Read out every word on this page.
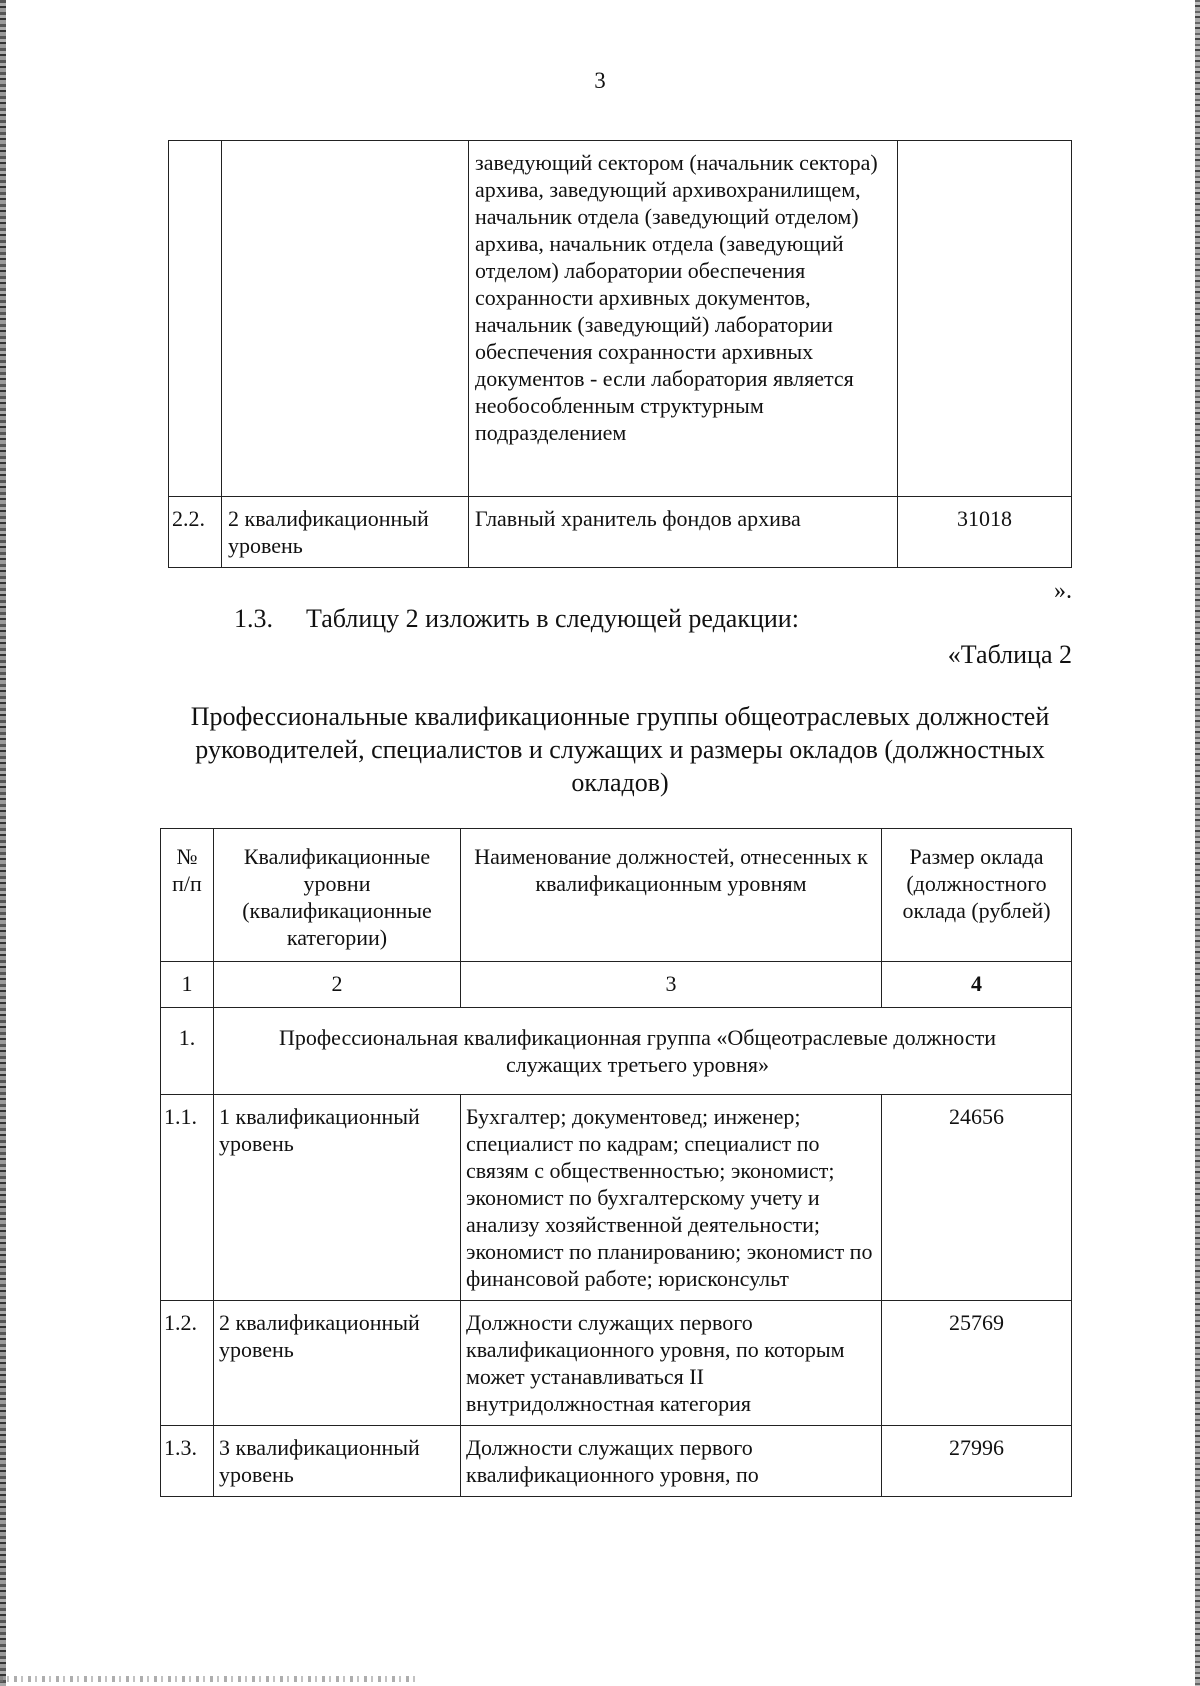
3
		заведующий сектором (начальник сектора) архива, заведующий архивохранилищем, начальник отдела (заведующий отделом) архива, начальник отдела (заведующий отделом) лаборатории обеспечения сохранности архивных документов, начальник (заведующий) лаборатории обеспечения сохранности архивных документов - если лаборатория является необособленным структурным подразделением	
2.2.	2 квалификационный уровень	Главный хранитель фондов архива	31018
».
1.3. Таблицу 2 изложить в следующей редакции:
«Таблица 2
Профессиональные квалификационные группы общеотраслевых должностей руководителей, специалистов и служащих и размеры окладов (должностных окладов)
№ п/п	Квалификационные уровни (квалификационные категории)	Наименование должностей, отнесенных к квалификационным уровням	Размер оклада (должностного оклада (рублей)
1	2	3	4
1.	Профессиональная квалификационная группа «Общеотраслевые должности служащих третьего уровня»		
1.1.	1 квалификационный уровень	Бухгалтер; документовед; инженер; специалист по кадрам; специалист по связям с общественностью; экономист; экономист по бухгалтерскому учету и анализу хозяйственной деятельности; экономист по планированию; экономист по финансовой работе; юрисконсульт	24656
1.2.	2 квалификационный уровень	Должности служащих первого квалификационного уровня, по которым может устанавливаться II внутридолжностная категория	25769
1.3.	3 квалификационный уровень	Должности служащих первого квалификационного уровня, по	27996
